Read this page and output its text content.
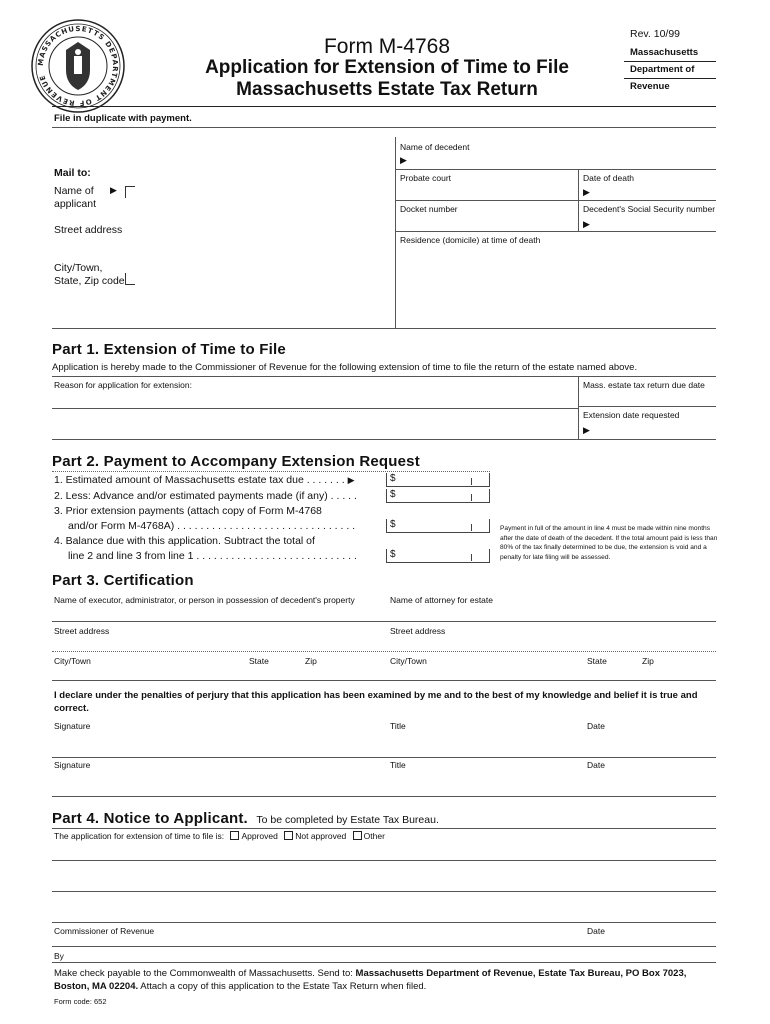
MASSACHUSETTS DEPARTMENT OF REVENUE
Form M-4768
Application for Extension of Time to File
Massachusetts Estate Tax Return
Rev. 10/99
Massachusetts
Department of
Revenue
File in duplicate with payment.
Mail to:
Name of
applicant
▶
Street address
City/Town,
State, Zip code
Name of decedent
▶
Probate court	Date of death
▶
Docket number	Decedent's Social Security number
▶
Residence (domicile) at time of death
Part 1. Extension of Time to File
Application is hereby made to the Commissioner of Revenue for the following extension of time to file the return of the estate named above.
Reason for application for extension:	Mass. estate tax return due date
Extension date requested
▶
Part 2. Payment to Accompany Extension Request
1. Estimated amount of Massachusetts estate tax due . . . . . . . ▶	$
2. Less: Advance and/or estimated payments made (if any) . . . . .	$
3. Prior extension payments (attach copy of Form M-4768
and/or Form M-4768A) . . . . . . . . . . . . . . . . . . . . . . . . . . . . . . .	$
4. Balance due with this application. Subtract the total of
line 2 and line 3 from line 1 . . . . . . . . . . . . . . . . . . . . . . . . . . . .	$
Payment in full of the amount in line 4 must be made within nine months after the date of death of the decedent. If the total amount paid is less than 80% of the tax finally determined to be due, the extension is void and a penalty for late filing will be assessed.
Part 3. Certification
Name of executor, administrator, or person in possession of decedent's property	Name of attorney for estate
Street address	Street address
City/Town	State	Zip	City/Town	State	Zip
I declare under the penalties of perjury that this application has been examined by me and to the best of my knowledge and belief it is true and correct.
Signature	Title	Date
Signature	Title	Date
Part 4. Notice to Applicant. To be completed by Estate Tax Bureau.
The application for extension of time to file is: Approved Not approved Other
Commissioner of Revenue	Date
By
Make check payable to the Commonwealth of Massachusetts. Send to: Massachusetts Department of Revenue, Estate Tax Bureau, PO Box 7023, Boston, MA 02204. Attach a copy of this application to the Estate Tax Return when filed.
Form code: 652
